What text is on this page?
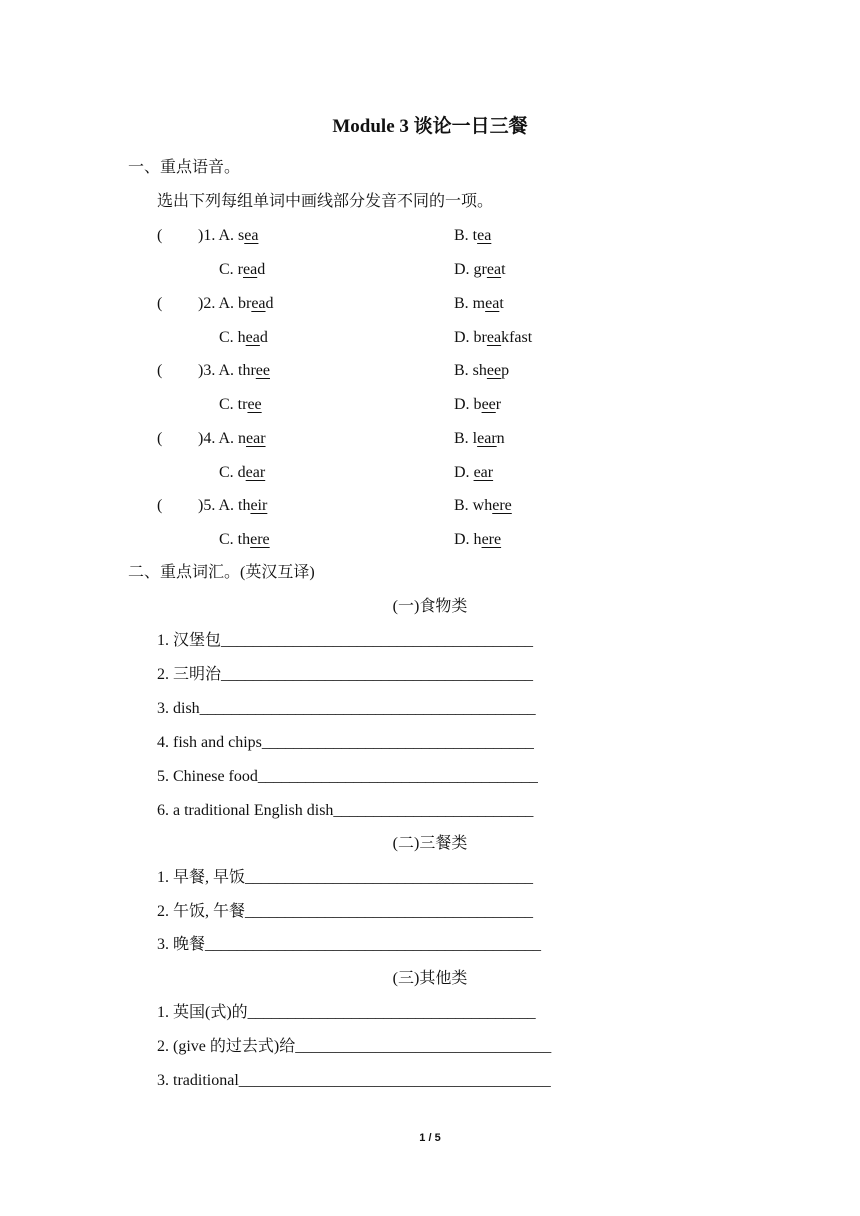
Module 3 谈论一日三餐
一、重点语音。
选出下列每组单词中画线部分发音不同的一项。
( )1. A. sea	B. tea
C. read	D. great
( )2. A. bread	B. meat
C. head	D. breakfast
( )3. A. three	B. sheep
C. tree	D. beer
( )4. A. near	B. learn
C. dear	D. ear
( )5. A. their	B. where
C. there	D. here
二、重点词汇。(英汉互译)
(一)食物类
1. 汉堡包_______________________________________
2. 三明治_______________________________________
3. dish__________________________________________
4. fish and chips__________________________________
5. Chinese food___________________________________
6. a traditional English dish_________________________
(二)三餐类
1. 早餐, 早饭____________________________________
2. 午饭, 午餐____________________________________
3. 晚餐__________________________________________
(三)其他类
1. 英国(式)的____________________________________
2. (give 的过去式)给________________________________
3. traditional_______________________________________
1 / 5
